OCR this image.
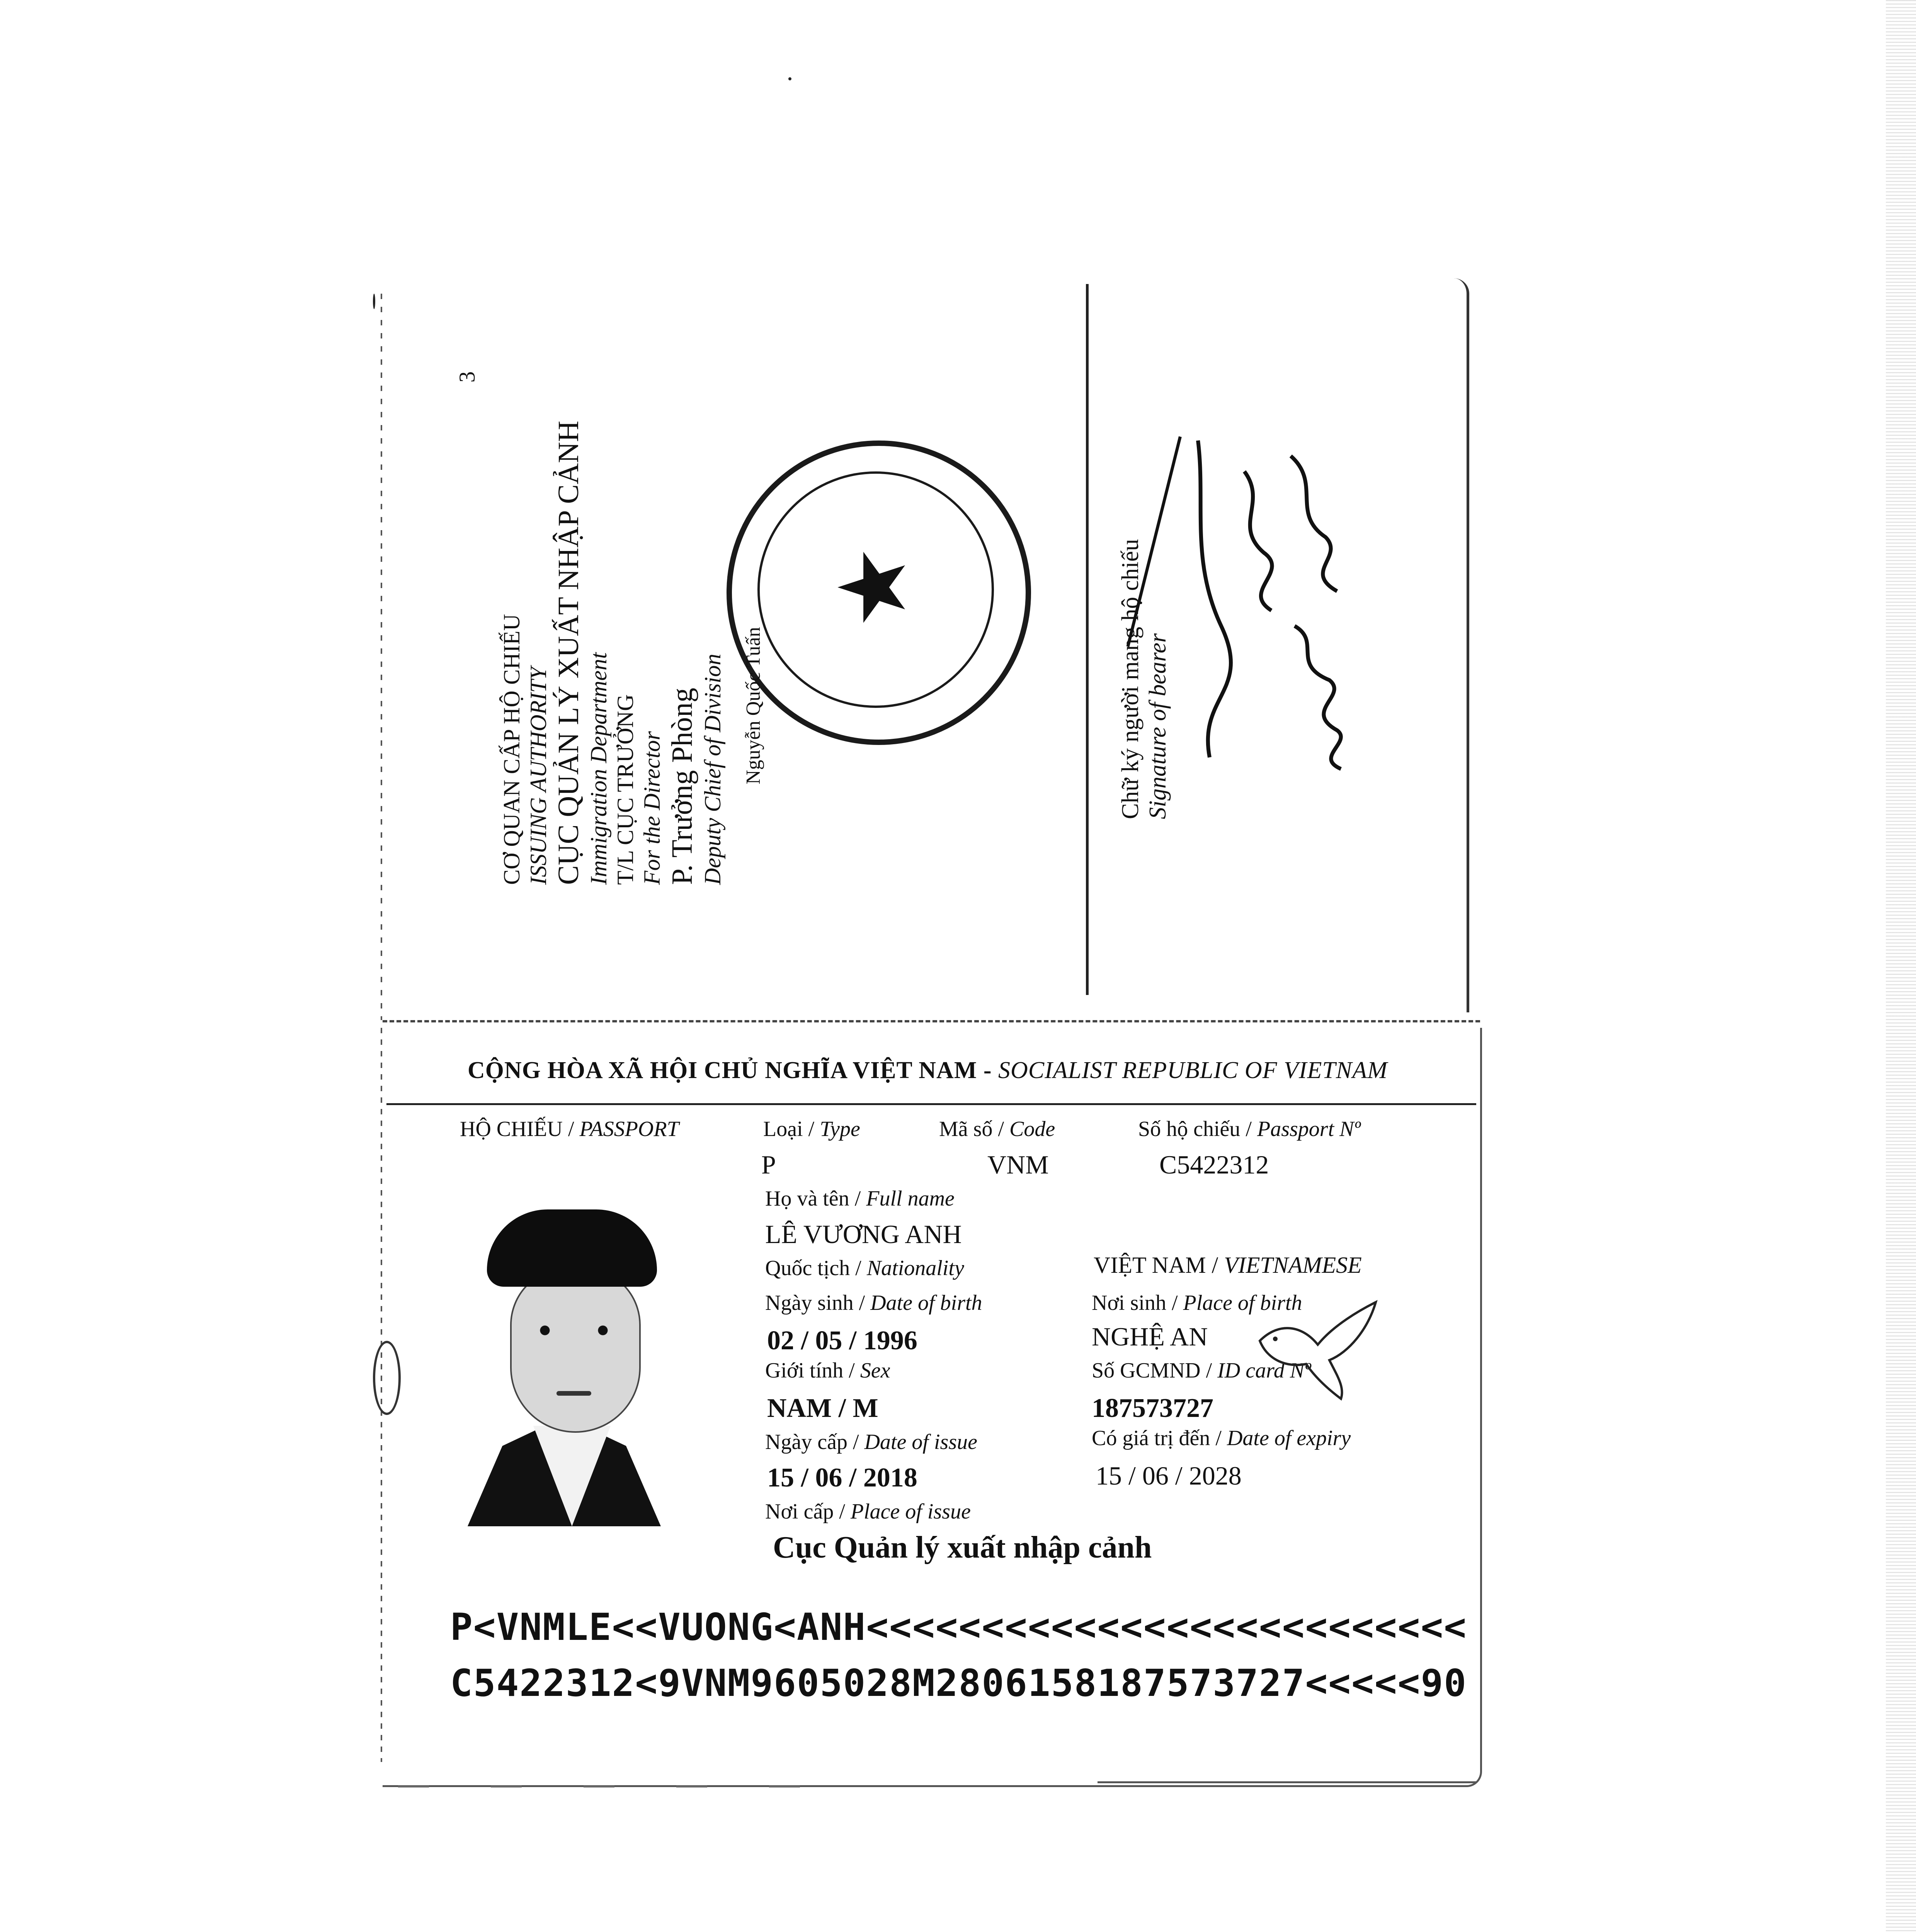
3
CƠ QUAN CẤP HỘ CHIẾU ISSUING AUTHORITY CỤC QUẢN LÝ XUẤT NHẬP CẢNH Immigration Department T/L CỤC TRƯỞNG For the Director P. Trưởng Phòng Deputy Chief of Division
★
Nguyễn Quốc Tuấn	Chữ ký người mang hộ chiếu Signature of bearer
CỘNG HÒA XÃ HỘI CHỦ NGHĨA VIỆT NAM - SOCIALIST REPUBLIC OF VIETNAM
HỘ CHIẾU / PASSPORT	Loại / Type
P
Mã số / Code
VNM
Số hộ chiếu / Passport Nº
C5422312
Họ và tên / Full name
LÊ VƯƠNG ANH
Quốc tịch / Nationality	VIỆT NAM / VIETNAMESE
Ngày sinh / Date of birth
02 / 05 / 1996
Nơi sinh / Place of birth
NGHỆ AN
Giới tính / Sex
NAM / M
Số GCMND / ID card Nº
187573727
Ngày cấp / Date of issue
15 / 06 / 2018
Có giá trị đến / Date of expiry
15 / 06 / 2028
Nơi cấp / Place of issue
Cục Quản lý xuất nhập cảnh
P<VNMLE<<VUONG<ANH<<<<<<<<<<<<<<<<<<<<<<<<<<
C5422312<9VNM9605028M2806158187573727<<<<<90
